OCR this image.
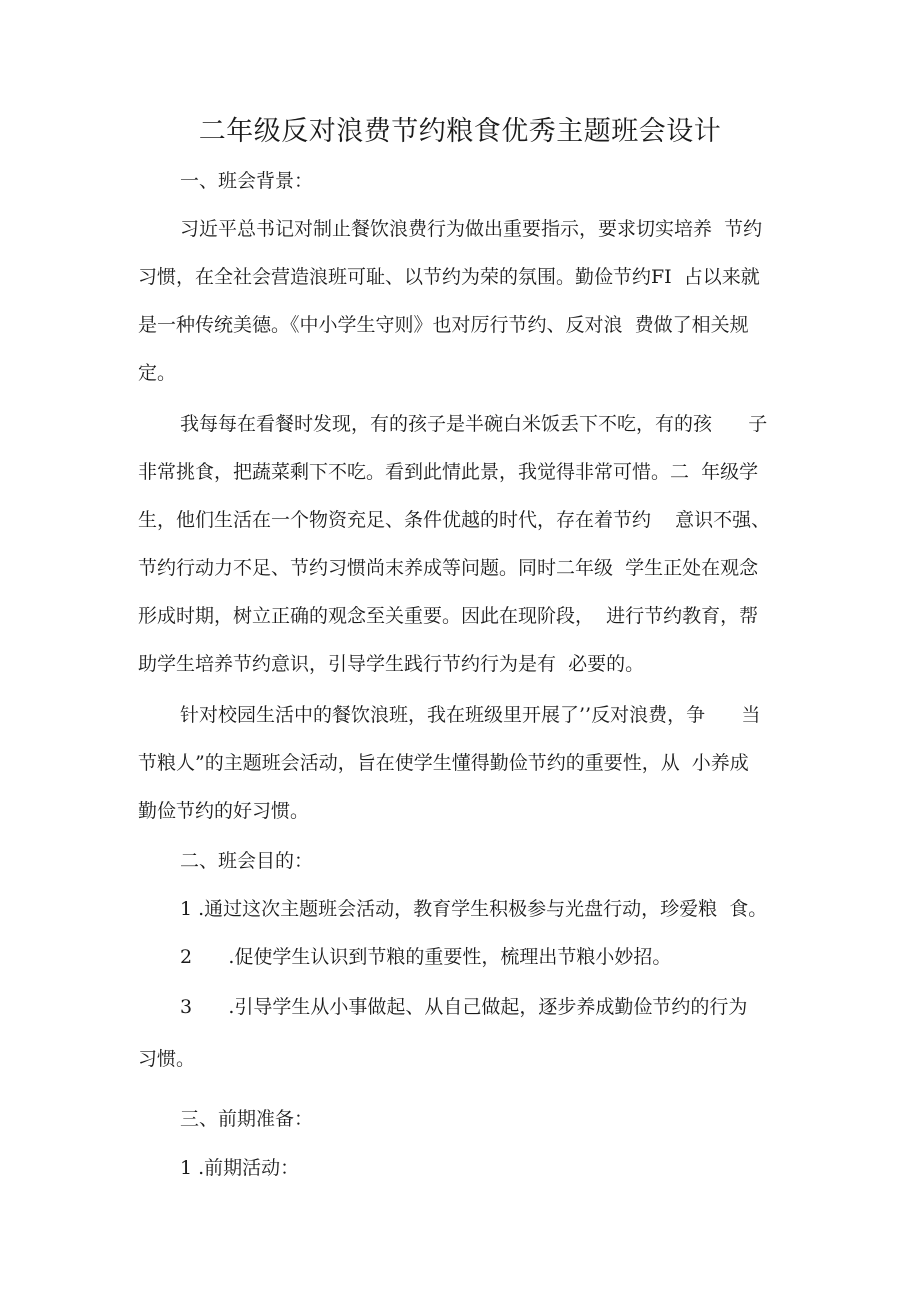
二年级反对浪费节约粮食优秀主题班会设计
一、班会背景：
习近平总书记对制止餐饮浪费行为做出重要指示，要求切实培养  节约
习惯，在全社会营造浪班可耻、以节约为荣的氛围。勤俭节约FI  占以来就
是一种传统美德。《中小学生守则》也对厉行节约、反对浪  费做了相关规
定。
我每每在看餐时发现，有的孩子是半碗白米饭丢下不吃，有的孩      子
非常挑食，把蔬菜剩下不吃。看到此情此景，我觉得非常可惜。二  年级学
生，他们生活在一个物资充足、条件优越的时代，存在着节约    意识不强、
节约行动力不足、节约习惯尚末养成等问题。同时二年级  学生正处在观念
形成时期，树立正确的观念至关重要。因此在现阶段，  进行节约教育，帮
助学生培养节约意识，引导学生践行节约行为是有  必要的。
针对校园生活中的餐饮浪班，我在班级里开展了’’反对浪费，争      当
节粮人”的主题班会活动，旨在使学生懂得勤俭节约的重要性，从  小养成
勤俭节约的好习惯。
二、班会目的：
1 .通过这次主题班会活动，教育学生积极参与光盘行动，珍爱粮  食。
2      .促使学生认识到节粮的重要性，梳理出节粮小妙招。
3      .引导学生从小事做起、从自己做起，逐步养成勤俭节约的行为
习惯。
三、前期准备：
1 .前期活动：
